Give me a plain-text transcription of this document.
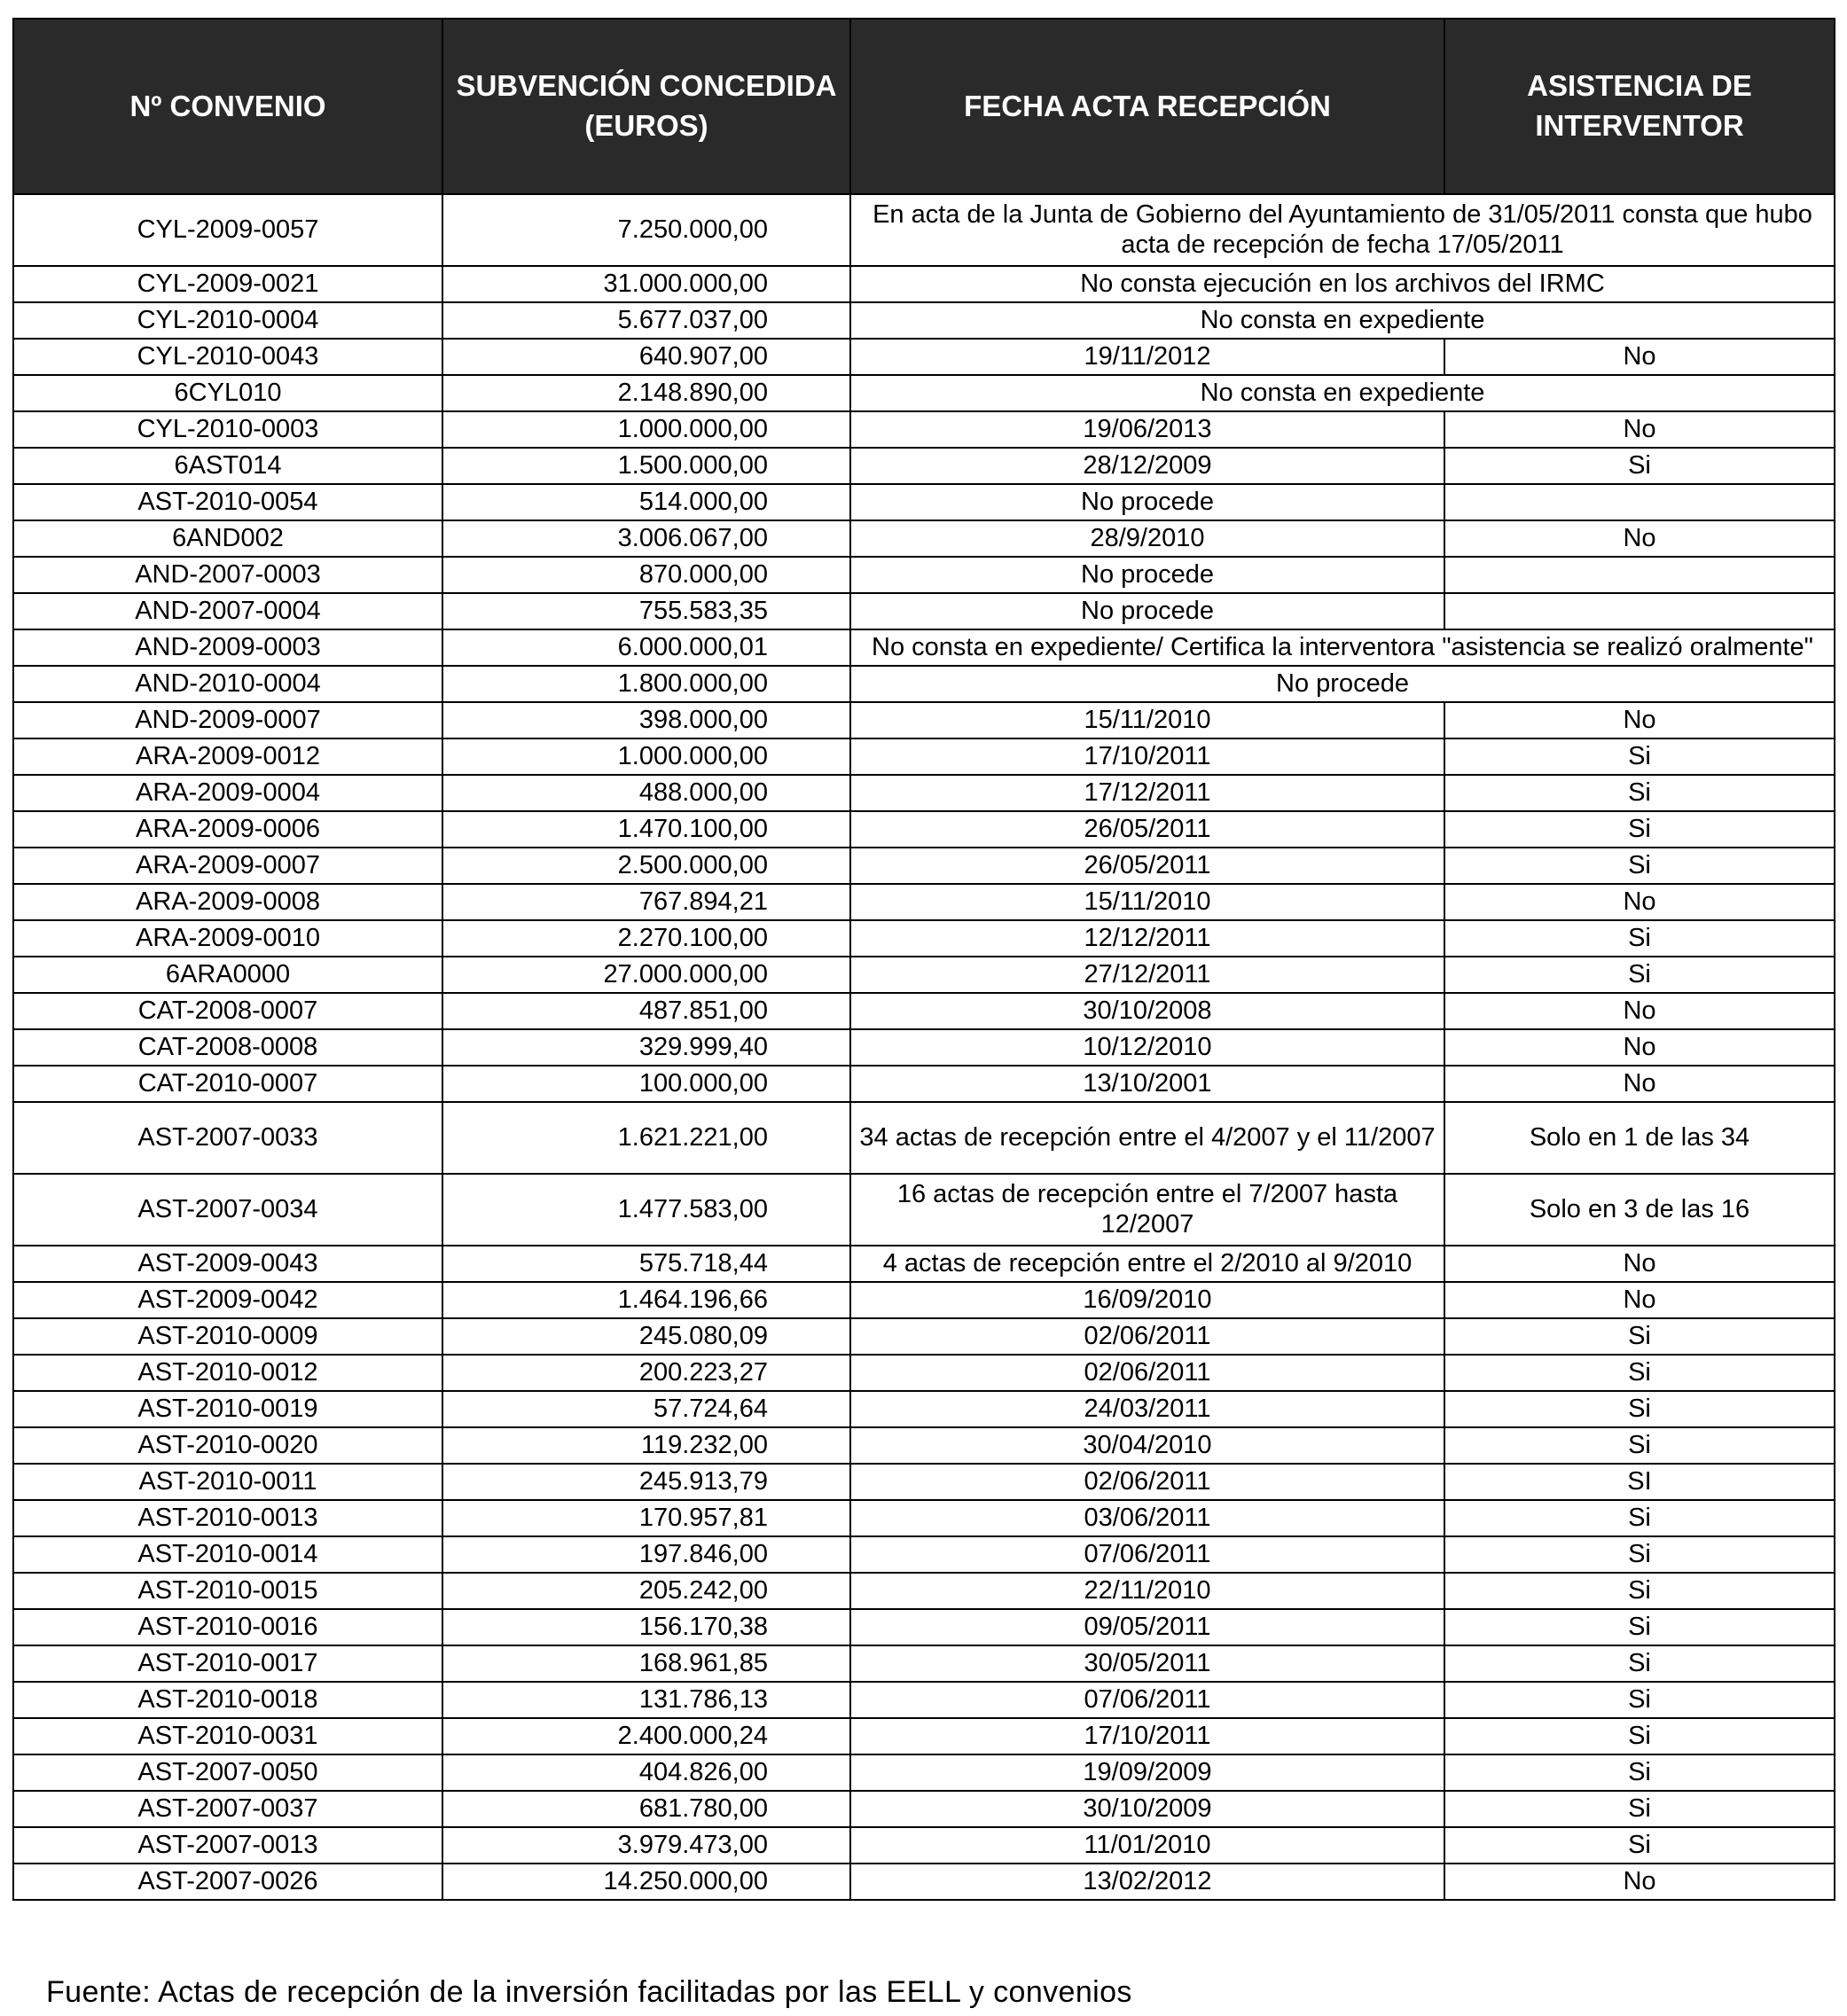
Nº CONVENIO	SUBVENCIÓN CONCEDIDA (EUROS)	FECHA ACTA RECEPCIÓN	ASISTENCIA DE INTERVENTOR
CYL-2009-0057	7.250.000,00	En acta de la Junta de Gobierno del Ayuntamiento de 31/05/2011 consta que hubo acta de recepción de fecha 17/05/2011	
CYL-2009-0021	31.000.000,00	No consta ejecución en los archivos del IRMC	
CYL-2010-0004	5.677.037,00	No consta en expediente	
CYL-2010-0043	640.907,00	19/11/2012	No
6CYL010	2.148.890,00	No consta en expediente	
CYL-2010-0003	1.000.000,00	19/06/2013	No
6AST014	1.500.000,00	28/12/2009	Si
AST-2010-0054	514.000,00	No procede	
6AND002	3.006.067,00	28/9/2010	No
AND-2007-0003	870.000,00	No procede	
AND-2007-0004	755.583,35	No procede	
AND-2009-0003	6.000.000,01	No consta en expediente/ Certifica la interventora "asistencia se realizó oralmente"	
AND-2010-0004	1.800.000,00	No procede	
AND-2009-0007	398.000,00	15/11/2010	No
ARA-2009-0012	1.000.000,00	17/10/2011	Si
ARA-2009-0004	488.000,00	17/12/2011	Si
ARA-2009-0006	1.470.100,00	26/05/2011	Si
ARA-2009-0007	2.500.000,00	26/05/2011	Si
ARA-2009-0008	767.894,21	15/11/2010	No
ARA-2009-0010	2.270.100,00	12/12/2011	Si
6ARA0000	27.000.000,00	27/12/2011	Si
CAT-2008-0007	487.851,00	30/10/2008	No
CAT-2008-0008	329.999,40	10/12/2010	No
CAT-2010-0007	100.000,00	13/10/2001	No
AST-2007-0033	1.621.221,00	34 actas de recepción entre el 4/2007 y el 11/2007	Solo en 1 de las 34
AST-2007-0034	1.477.583,00	16 actas de recepción entre el 7/2007 hasta 12/2007	Solo en 3 de las 16
AST-2009-0043	575.718,44	4 actas de recepción entre el 2/2010 al 9/2010	No
AST-2009-0042	1.464.196,66	16/09/2010	No
AST-2010-0009	245.080,09	02/06/2011	Si
AST-2010-0012	200.223,27	02/06/2011	Si
AST-2010-0019	57.724,64	24/03/2011	Si
AST-2010-0020	119.232,00	30/04/2010	Si
AST-2010-0011	245.913,79	02/06/2011	SI
AST-2010-0013	170.957,81	03/06/2011	Si
AST-2010-0014	197.846,00	07/06/2011	Si
AST-2010-0015	205.242,00	22/11/2010	Si
AST-2010-0016	156.170,38	09/05/2011	Si
AST-2010-0017	168.961,85	30/05/2011	Si
AST-2010-0018	131.786,13	07/06/2011	Si
AST-2010-0031	2.400.000,24	17/10/2011	Si
AST-2007-0050	404.826,00	19/09/2009	Si
AST-2007-0037	681.780,00	30/10/2009	Si
AST-2007-0013	3.979.473,00	11/01/2010	Si
AST-2007-0026	14.250.000,00	13/02/2012	No
Fuente: Actas de recepción de la inversión facilitadas por las EELL y convenios
